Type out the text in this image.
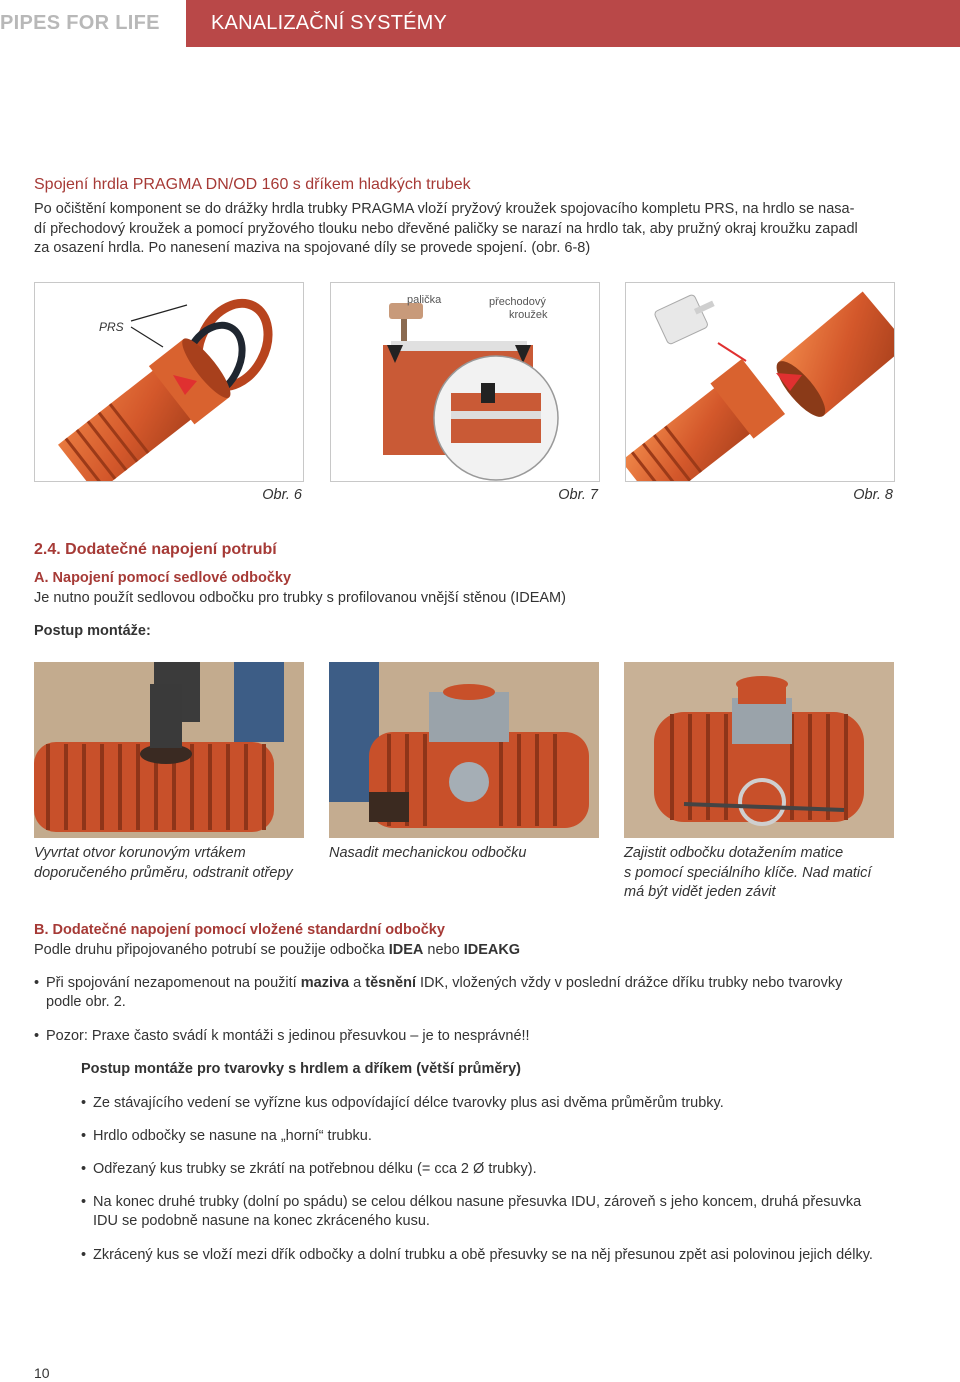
PIPES FOR LIFE	KANALIZAČNÍ SYSTÉMY
Spojení hrdla PRAGMA DN/OD 160 s dříkem hladkých trubek
Po očištění komponent se do drážky hrdla trubky PRAGMA vloží pryžový kroužek spojovacího kompletu PRS, na hrdlo se nasa-
dí přechodový kroužek a pomocí pryžového tlouku nebo dřevěné paličky se narazí na hrdlo tak, aby pružný okraj kroužku zapadl
za osazení hrdla. Po nanesení maziva na spojované díly se provede spojení. (obr. 6-8)
PRS
Obr. 6
palička	přechodový
kroužek
Obr. 7	Obr. 8
2.4. Dodatečné napojení potrubí
A. Napojení pomocí sedlové odbočky
Je nutno použít sedlovou odbočku pro trubky s profilovanou vnější stěnou (IDEAM)
Postup montáže:
Vyvrtat otvor korunovým vrtákem
doporučeného průměru, odstranit otřepy
Nasadit mechanickou odbočku	Zajistit odbočku dotažením matice
s pomocí speciálního klíče. Nad maticí
má být vidět jeden závit
B. Dodatečné napojení pomocí vložené standardní odbočky
Podle druhu připojovaného potrubí se použije odbočka IDEA nebo IDEAKG
• Při spojování nezapomenout na použití maziva a těsnění IDK, vložených vždy v poslední drážce dříku trubky nebo tvarovky
podle obr. 2.
• Pozor: Praxe často svádí k montáži s jedinou přesuvkou – je to nesprávné!!
Postup montáže pro tvarovky s hrdlem a dříkem (větší průměry)
• Ze stávajícího vedení se vyřízne kus odpovídající délce tvarovky plus asi dvěma průměrům trubky.
• Hrdlo odbočky se nasune na „horní“ trubku.
• Odřezaný kus trubky se zkrátí na potřebnou délku (= cca 2 Ø trubky).
• Na konec druhé trubky (dolní po spádu) se celou délkou nasune přesuvka IDU, zároveň s jeho koncem, druhá přesuvka
IDU se podobně nasune na konec zkráceného kusu.
• Zkrácený kus se vloží mezi dřík odbočky a dolní trubku a obě přesuvky se na něj přesunou zpět asi polovinou jejich délky.
10
